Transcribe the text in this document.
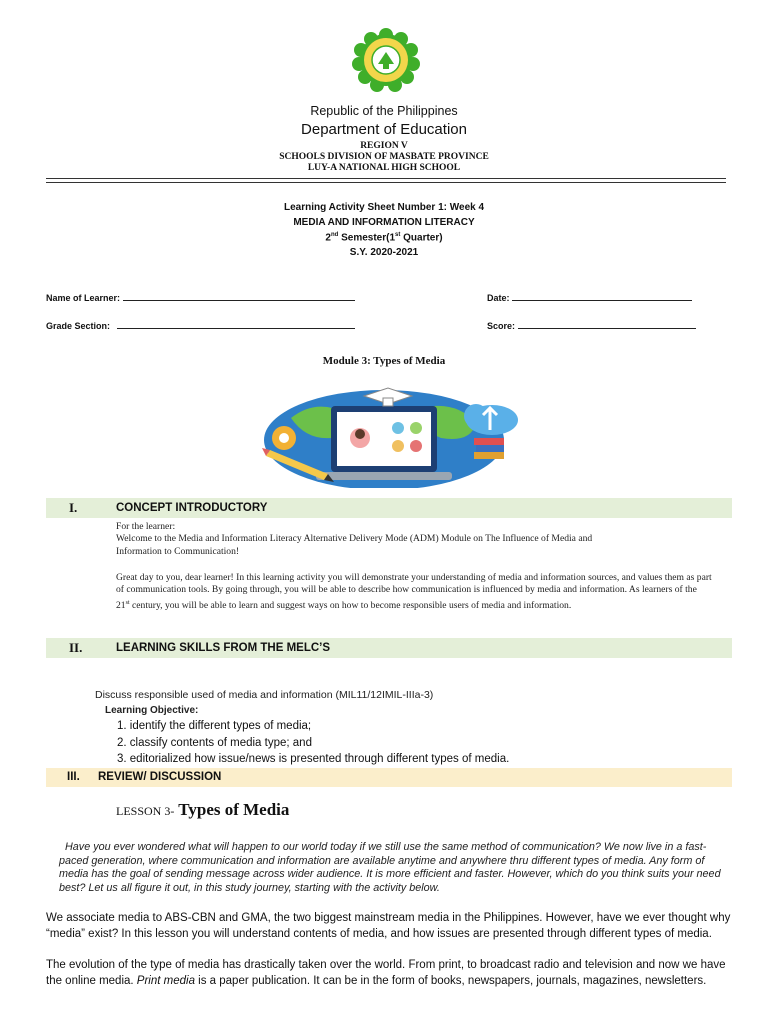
Republic of the Philippines
Department of Education
REGION V
SCHOOLS DIVISION OF MASBATE PROVINCE
LUY-A NATIONAL HIGH SCHOOL
Learning Activity Sheet Number 1: Week 4
MEDIA AND INFORMATION LITERACY
2nd Semester(1st Quarter)
S.Y. 2020-2021
Name of Learner:	Date:
Grade Section:	Score:
Module 3: Types of Media
I.	CONCEPT INTRODUCTORY

For the learner:

Welcome to the Media and Information Literacy Alternative Delivery Mode (ADM) Module on The Influence of Media and

Information to Communication!

Great day to you, dear learner! In this learning activity you will demonstrate your understanding of media and information sources, and values them as part of communication tools. By going through, you will be able to describe how communication is influenced by media and information. As learners of the 21st century, you will be able to learn and suggest ways on how to become responsible users of media and information.

II.	LEARNING SKILLS FROM THE MELC’S
Discuss responsible used of media and information (MIL11/12IMIL-IIIa-3)
Learning Objective:
1. identify the different types of media;
2. classify contents of media type; and
3. editorialized how issue/news is presented through different types of media.
III. REVIEW/ DISCUSSION
LESSON 3- Types of Media
Have you ever wondered what will happen to our world today if we still use the same method of communication? We now live in a fast-paced generation, where communication and information are available anytime and anywhere thru different types of media. Any form of media has the goal of sending message across wider audience. It is more efficient and faster. However, which do you think suits your need best? Let us all figure it out, in this study journey, starting with the activity below.
We associate media to ABS-CBN and GMA, the two biggest mainstream media in the Philippines. However, have we ever thought why “media” exist? In this lesson you will understand contents of media, and how issues are presented through different types of media.
The evolution of the type of media has drastically taken over the world. From print, to broadcast radio and television and now we have the online media. Print media is a paper publication. It can be in the form of books, newspapers, journals, magazines, newsletters.
